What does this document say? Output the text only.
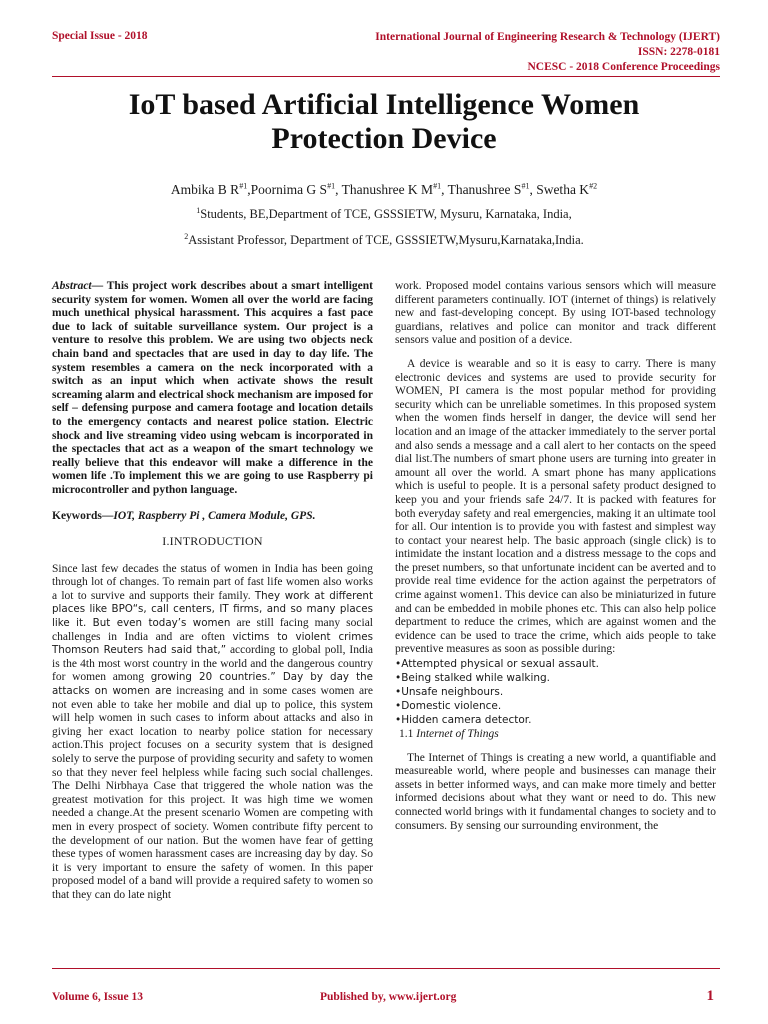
Special Issue - 2018	International Journal of Engineering Research & Technology (IJERT)
ISSN: 2278-0181
NCESC - 2018 Conference Proceedings
IoT based Artificial Intelligence Women
Protection Device
Ambika B $R^{\#1},Poornima$ G $S^{\#1}$, Thanushree K $M^{\#1}$, Thanushree $S^{\#1}$, Swetha $K^{\#2}$
$^1$Students, BE,Department of TCE, GSSSIETW, Mysuru, Karnataka, India,
$^2$Assistant Professor, Department of TCE, GSSSIETW,Mysuru,Karnataka,India.

Abstract— This project work describes about a smart intelligent security system for women. Women all over the world are facing much unethical physical harassment. This acquires a fast pace due to lack of suitable surveillance system. Our project is a venture to resolve this problem. We are using two objects neck chain band and spectacles that are used in day to day life. The system resembles a camera on the neck incorporated with a switch as an input which when activate shows the result screaming alarm and electrical shock mechanism are imposed for self – defensing purpose and camera footage and location details to the emergency contacts and nearest police station. Electric shock and live streaming video using webcam is incorporated in the spectacles that act as a weapon of the smart technology we really believe that this endeavor will make a difference in the women life .To implement this we are going to use Raspberry pi microcontroller and python language.

Keywords—IOT, Raspberry Pi , Camera Module, GPS.

I.INTRODUCTION

Since last few decades the status of women in India has been going through lot of changes. To remain part of fast life women also works a lot to survive and supports their family. They work at different places like BPO“s, call centers, IT firms, and so many places like it. But even today’s women are still facing many social challenges in India and are often victims to violent crimes Thomson Reuters had said that,” according to global poll, India is the 4th most worst country in the world and the dangerous country for women among growing 20 countries.” Day by day the attacks on women are increasing and in some cases women are not even able to take her mobile and dial up to police, this system will help women in such cases to inform about attacks and also in giving her exact location to nearby police station for necessary action.This project focuses on a security system that is designed solely to serve the purpose of providing security and safety to women so that they never feel helpless while facing such social challenges. The Delhi Nirbhaya Case that triggered the whole nation was the greatest motivation for this project. It was high time we women needed a change.At the present scenario Women are competing with men in every prospect of society. Women contribute fifty percent to the development of our nation. But the women have fear of getting these types of women harassment cases are increasing day by day. So it is very important to ensure the safety of women. In this paper proposed model of a band will provide a required safety to women so that they can do late night

work. Proposed model contains various sensors which will measure different parameters continually. IOT (internet of things) is relatively new and fast-developing concept. By using IOT-based technology guardians, relatives and police can monitor and track different sensors value and position of a device.

A device is wearable and so it is easy to carry. There is many electronic devices and systems are used to provide security for WOMEN, PI camera is the most popular method for providing security which can be unreliable sometimes. In this proposed system when the women finds herself in danger, the device will send her location and an image of the attacker immediately to the server portal and also sends a message and a call alert to her contacts on the speed dial list.The numbers of smart phone users are turning into greater in amount all over the world. A smart phone has many applications which is useful to people. It is a personal safety product designed to keep you and your friends safe 24/7. It is packed with features for both everyday safety and real emergencies, making it an ultimate tool for all. Our intention is to provide you with fastest and simplest way to contact your nearest help. The basic approach (single click) is to intimidate the instant location and a distress message to the cops and the preset numbers, so that unfortunate incident can be averted and to provide real time evidence for the action against the perpetrators of crime against women1. This device can also be miniaturized in future and can be embedded in mobile phones etc. This can also help police department to reduce the crimes, which are against women and the evidence can be used to trace the crime, which aids people to take preventive measures as soon as possible during:

• Attempted physical or sexual assault.
• Being stalked while walking.
• Unsafe neighbours.
• Domestic violence.
• Hidden camera detector.

1.1 Internet of Things

The Internet of Things is creating a new world, a quantifiable and measureable world, where people and businesses can manage their assets in better informed ways, and can make more timely and better informed decisions about what they want or need to do. This new connected world brings with it fundamental changes to society and to consumers. By sensing our surrounding environment, the

Volume 6, Issue 13	Published by, www.ijert.org	1
